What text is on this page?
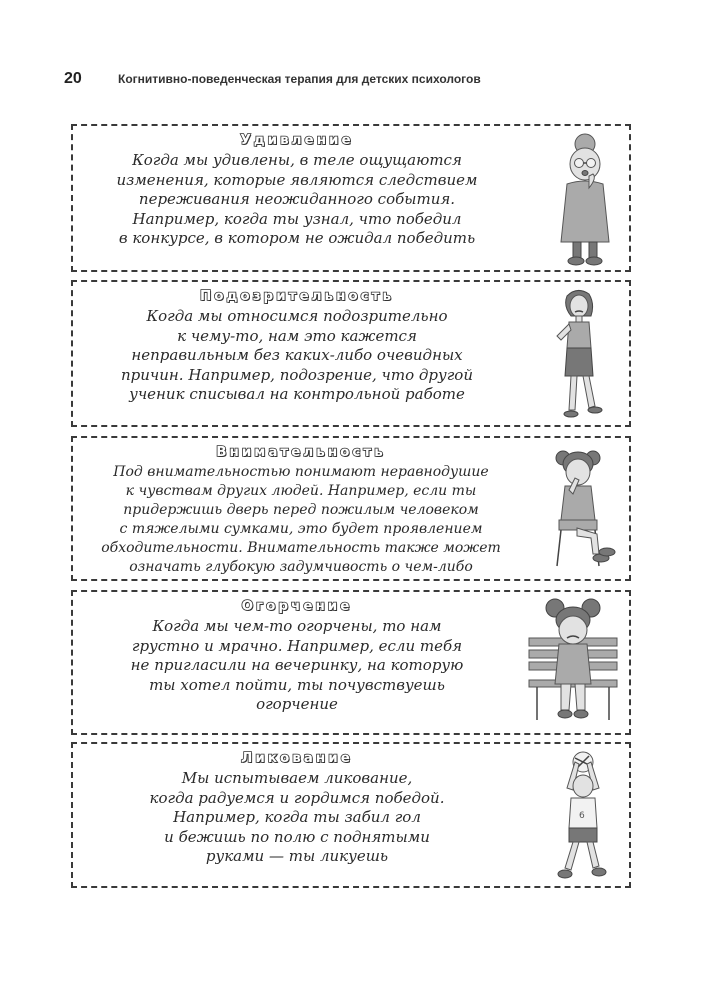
20	Когнитивно-поведенческая терапия для детских психологов
Удивление
Когда мы удивлены, в теле ощущаются
изменения, которые являются следствием
переживания неожиданного события.
Например, когда ты узнал, что победил
в конкурсе, в котором не ожидал победить
Подозрительность
Когда мы относимся подозрительно
к чему-то, нам это кажется
неправильным без каких-либо очевидных
причин. Например, подозрение, что другой
ученик списывал на контрольной работе
Внимательность
Под внимательностью понимают неравнодушие
к чувствам других людей. Например, если ты
придержишь дверь перед пожилым человеком
с тяжелыми сумками, это будет проявлением
обходительности. Внимательность также может
означать глубокую задумчивость о чем-либо
Огорчение
Когда мы чем-то огорчены, то нам
грустно и мрачно. Например, если тебя
не пригласили на вечеринку, на которую
ты хотел пойти, ты почувствуешь
огорчение
Ликование
Мы испытываем ликование,
когда радуемся и гордимся победой.
Например, когда ты забил гол
и бежишь по полю с поднятыми
руками — ты ликуешь
6
